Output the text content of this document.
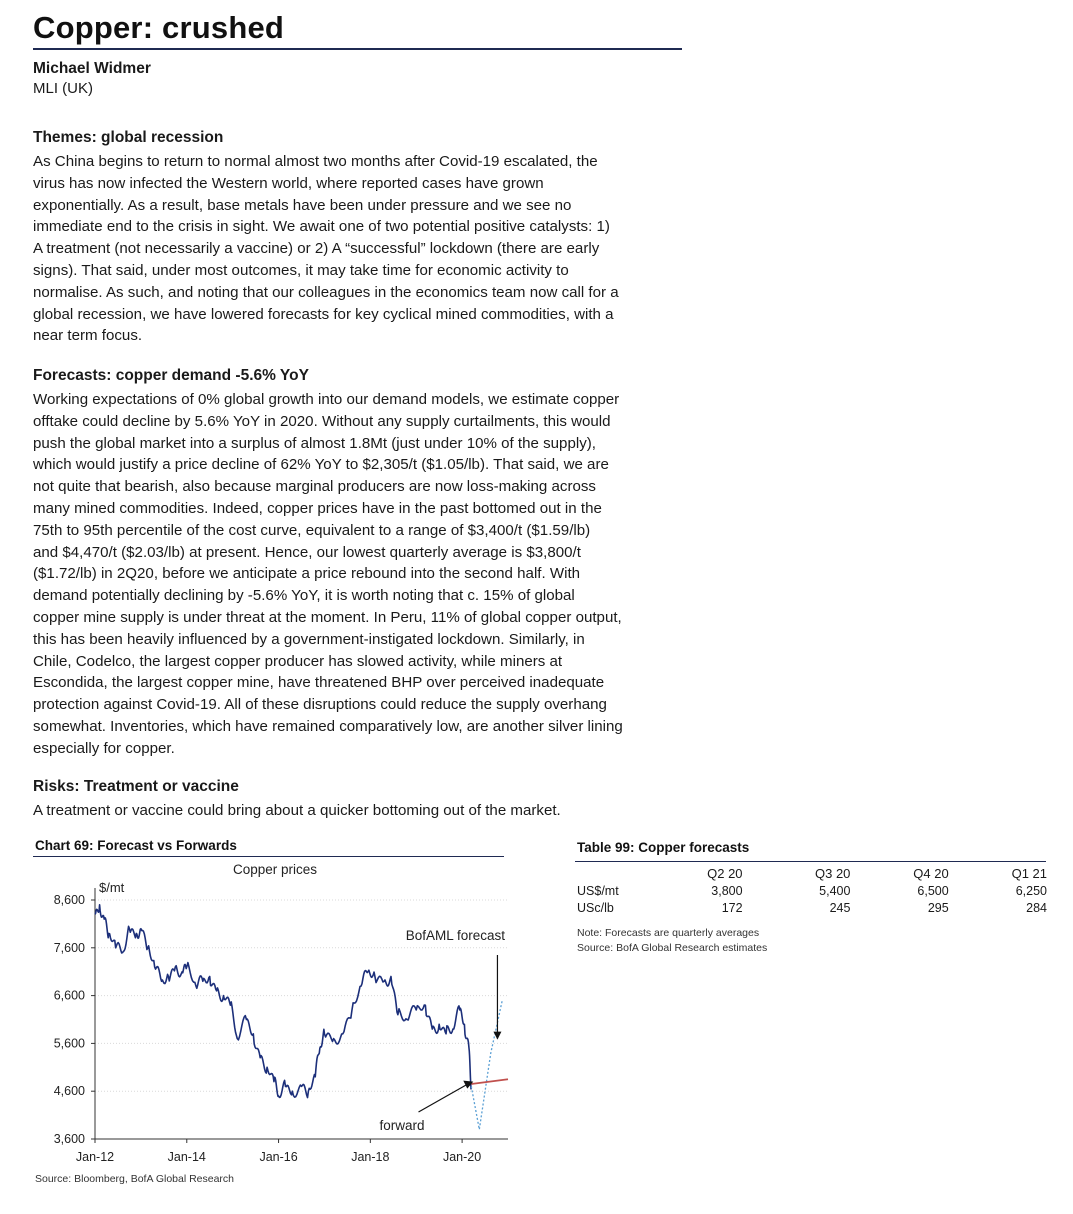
Copper: crushed
Michael Widmer
MLI (UK)
Themes: global recession
As China begins to return to normal almost two months after Covid-19 escalated, the
virus has now infected the Western world, where reported cases have grown
exponentially. As a result, base metals have been under pressure and we see no
immediate end to the crisis in sight. We await one of two potential positive catalysts: 1)
A treatment (not necessarily a vaccine) or 2) A “successful” lockdown (there are early
signs). That said, under most outcomes, it may take time for economic activity to
normalise. As such, and noting that our colleagues in the economics team now call for a
global recession, we have lowered forecasts for key cyclical mined commodities, with a
near term focus.
Forecasts: copper demand -5.6% YoY
Working expectations of 0% global growth into our demand models, we estimate copper
offtake could decline by 5.6% YoY in 2020. Without any supply curtailments, this would
push the global market into a surplus of almost 1.8Mt (just under 10% of the supply),
which would justify a price decline of 62% YoY to $2,305/t ($1.05/lb). That said, we are
not quite that bearish, also because marginal producers are now loss-making across
many mined commodities. Indeed, copper prices have in the past bottomed out in the
75th to 95th percentile of the cost curve, equivalent to a range of $3,400/t ($1.59/lb)
and $4,470/t ($2.03/lb) at present. Hence, our lowest quarterly average is $3,800/t
($1.72/lb) in 2Q20, before we anticipate a price rebound into the second half. With
demand potentially declining by -5.6% YoY, it is worth noting that c. 15% of global
copper mine supply is under threat at the moment. In Peru, 11% of global copper output,
this has been heavily influenced by a government-instigated lockdown. Similarly, in
Chile, Codelco, the largest copper producer has slowed activity, while miners at
Escondida, the largest copper mine, have threatened BHP over perceived inadequate
protection against Covid-19. All of these disruptions could reduce the supply overhang
somewhat. Inventories, which have remained comparatively low, are another silver lining
especially for copper.
Risks: Treatment or vaccine
A treatment or vaccine could bring about a quicker bottoming out of the market.
Chart 69: Forecast vs Forwards
8,600
7,600
6,600
5,600
4,600
3,600
Jan-12	Jan-14	Jan-16	Jan-18	Jan-20
Copper prices
$/mt
BofAML forecast
forward
Source: Bloomberg, BofA Global Research
Table 99: Copper forecasts
	Q2 20	Q3 20	Q4 20	Q1 21
US$/mt	3,800	5,400	6,500	6,250
USc/lb	172	245	295	284
Note: Forecasts are quarterly averages
Source: BofA Global Research estimates
